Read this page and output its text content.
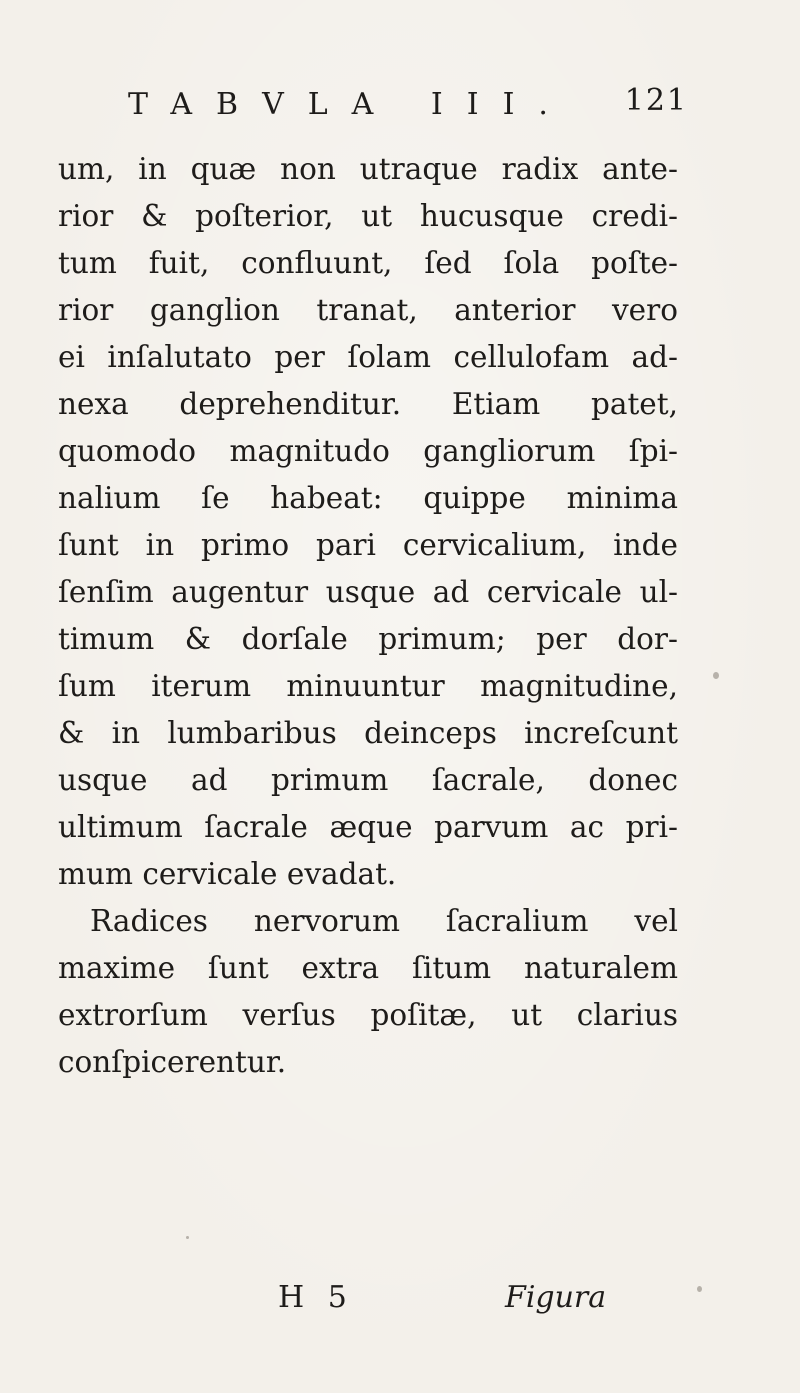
TABVLA III. 121
um, in quæ non utraque radix ante-
rior & poſterior, ut hucusque credi-
tum fuit, confluunt, ſed ſola poſte-
rior ganglion tranat, anterior vero
ei inſalutato per ſolam cellulofam ad-
nexa deprehenditur. Etiam patet,
quomodo magnitudo gangliorum ſpi-
nalium ſe habeat: quippe minima
ſunt in primo pari cervicalium, inde
ſenſim augentur usque ad cervicale ul-
timum & dorſale primum; per dor-
ſum iterum minuuntur magnitudine,
& in lumbaribus deinceps increſcunt
usque ad primum ſacrale, donec
ultimum ſacrale æque parvum ac pri-
mum cervicale evadat.
Radices nervorum ſacralium vel
maxime ſunt extra ſitum naturalem
extrorſum verſus poſitæ, ut clarius
conſpicerentur.
H 5	Figura
